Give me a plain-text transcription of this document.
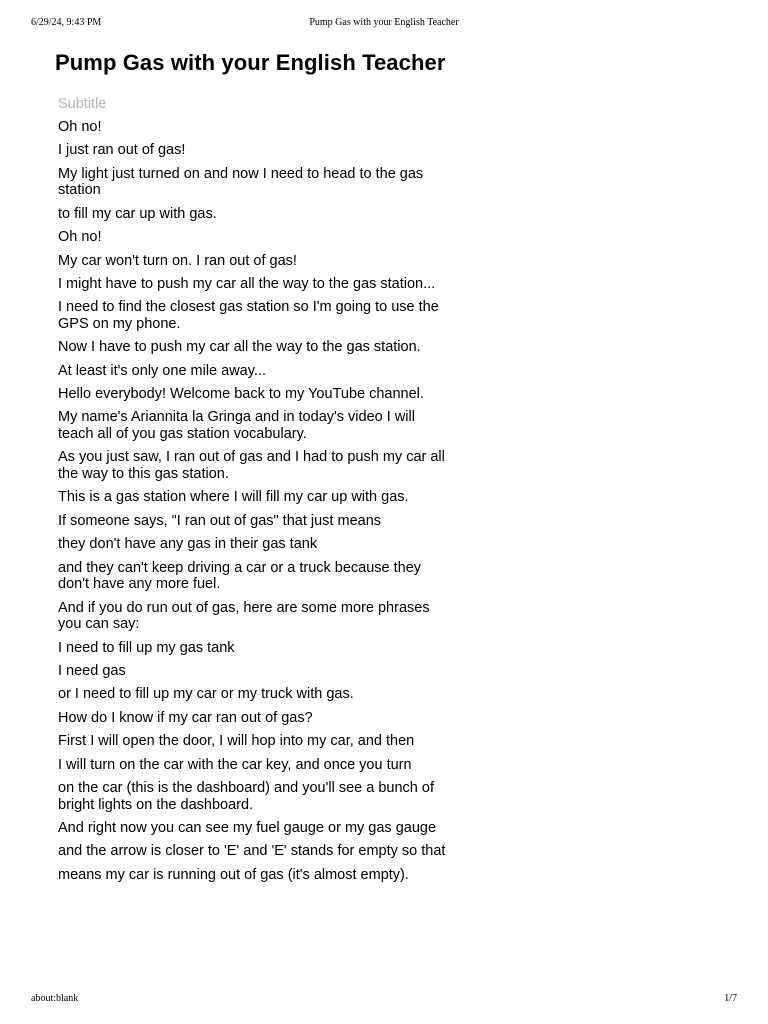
6/29/24, 9:43 PM	Pump Gas with your English Teacher
Pump Gas with your English Teacher
Subtitle

Oh no!

I just ran out of gas!

My light just turned on and now I need to head to the gas station

to fill my car up with gas.

Oh no!

My car won't turn on. I ran out of gas!

I might have to push my car all the way to the gas station...

I need to find the closest gas station so I'm going to use the GPS on my phone.

Now I have to push my car all the way to the gas station.

At least it's only one mile away...

Hello everybody! Welcome back to my YouTube channel.

My name's Ariannita la Gringa and in today's video I will teach all of you gas station vocabulary.

As you just saw, I ran out of gas and I had to push my car all the way to this gas station.

This is a gas station where I will fill my car up with gas.

If someone says, "I ran out of gas" that just means

they don't have any gas in their gas tank

and they can't keep driving a car or a truck because they don't have any more fuel.

And if you do run out of gas, here are some more phrases you can say:

I need to fill up my gas tank

I need gas

or I need to fill up my car or my truck with gas.

How do I know if my car ran out of gas?

First I will open the door, I will hop into my car, and then

I will turn on the car with the car key, and once you turn

on the car (this is the dashboard) and you'll see a bunch of bright lights on the dashboard.

And right now you can see my fuel gauge or my gas gauge

and the arrow is closer to 'E' and 'E' stands for empty so that

means my car is running out of gas (it's almost empty).

about:blank	1/7
